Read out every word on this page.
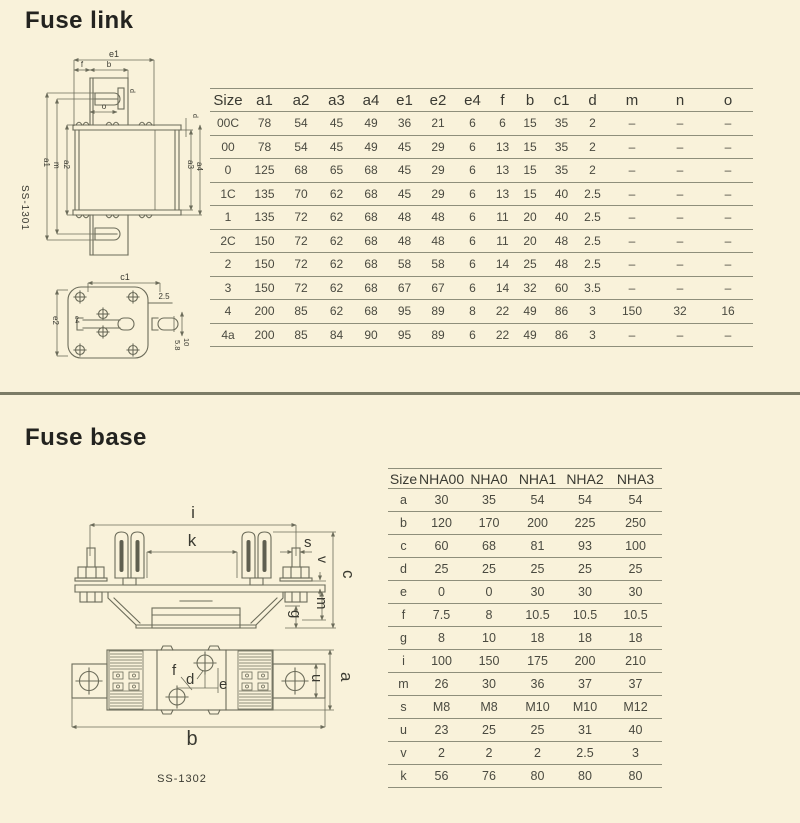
Fuse link
e1
f	b
d
o
d
a1 m a2	a3 a4
SS-1301
c1
e4
2.5
10
5.8
e2
Size	a1	a2	a3	a4	e1	e2	e4	f	b	c1	d	m	n	o
00C	78	54	45	49	36	21	6	6	15	35	2	–	–	–
00	78	54	45	49	45	29	6	13	15	35	2	–	–	–
0	125	68	65	68	45	29	6	13	15	35	2	–	–	–
1C	135	70	62	68	45	29	6	13	15	40	2.5	–	–	–
1	135	72	62	68	48	48	6	11	20	40	2.5	–	–	–
2C	150	72	62	68	48	48	6	11	20	48	2.5	–	–	–
2	150	72	62	68	58	58	6	14	25	48	2.5	–	–	–
3	150	72	62	68	67	67	6	14	32	60	3.5	–	–	–
4	200	85	62	68	95	89	8	22	49	86	3	150	32	16
4a	200	85	84	90	95	89	6	22	49	86	3	–	–	–
Fuse base
i
k	s
v
c
m
g
f
d e	u a
b
SS-1302
Size	NHA00	NHA0	NHA1	NHA2	NHA3
a	30	35	54	54	54
b	120	170	200	225	250
c	60	68	81	93	100
d	25	25	25	25	25
e	0	0	30	30	30
f	7.5	8	10.5	10.5	10.5
g	8	10	18	18	18
i	100	150	175	200	210
m	26	30	36	37	37
s	M8	M8	M10	M10	M12
u	23	25	25	31	40
v	2	2	2	2.5	3
k	56	76	80	80	80
